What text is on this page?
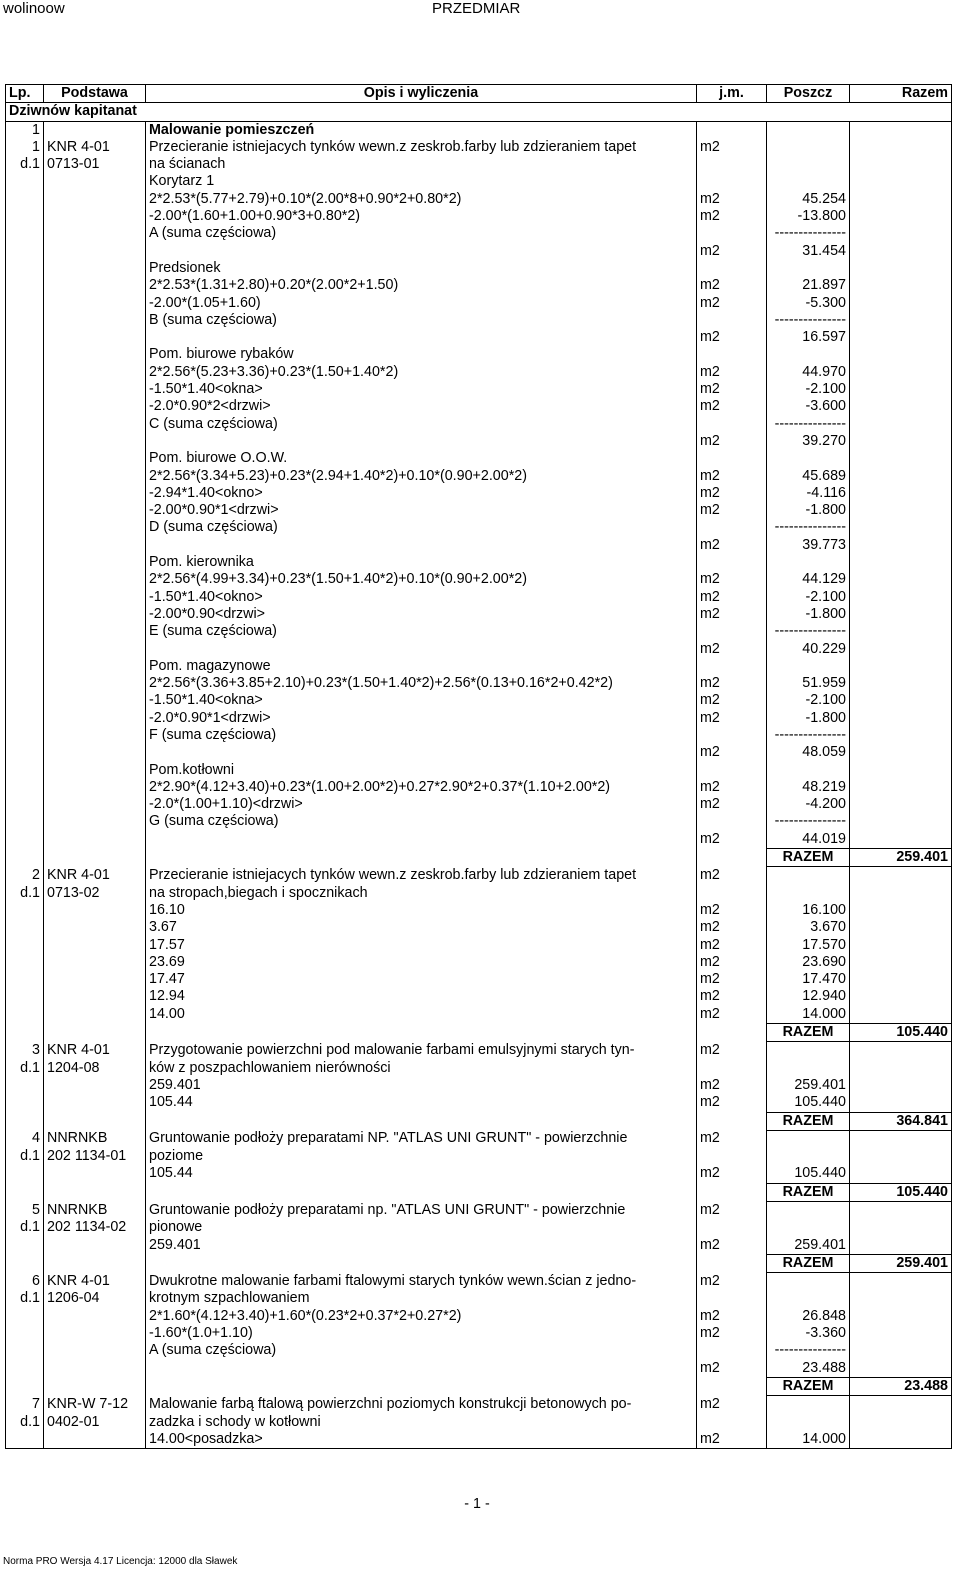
wolinoow	PRZEDMIAR
Lp.	Podstawa	Opis i wyliczenia	j.m.	Poszcz	Razem
Dziwnów kapitanat					
1		Malowanie pomieszczeń			
1	KNR 4-01	Przecieranie istniejacych tynków wewn.z zeskrob.farby lub zdzieraniem tapet	m2		
d.1	0713-01	na ścianach			
		Korytarz 1			
		2*2.53*(5.77+2.79)+0.10*(2.00*8+0.90*2+0.80*2)	m2	45.254	
		-2.00*(1.60+1.00+0.90*3+0.80*2)	m2	-13.800	
		A (suma częściowa)		---------------	
			m2	31.454	
		Predsionek			
		2*2.53*(1.31+2.80)+0.20*(2.00*2+1.50)	m2	21.897	
		-2.00*(1.05+1.60)	m2	-5.300	
		B (suma częściowa)		---------------	
			m2	16.597	
		Pom. biurowe rybaków			
		2*2.56*(5.23+3.36)+0.23*(1.50+1.40*2)	m2	44.970	
		-1.50*1.40<okna>	m2	-2.100	
		-2.0*0.90*2<drzwi>	m2	-3.600	
		C (suma częściowa)		---------------	
			m2	39.270	
		Pom. biurowe O.O.W.			
		2*2.56*(3.34+5.23)+0.23*(2.94+1.40*2)+0.10*(0.90+2.00*2)	m2	45.689	
		-2.94*1.40<okno>	m2	-4.116	
		-2.00*0.90*1<drzwi>	m2	-1.800	
		D (suma częściowa)		---------------	
			m2	39.773	
		Pom. kierownika			
		2*2.56*(4.99+3.34)+0.23*(1.50+1.40*2)+0.10*(0.90+2.00*2)	m2	44.129	
		-1.50*1.40<okno>	m2	-2.100	
		-2.00*0.90<drzwi>	m2	-1.800	
		E (suma częściowa)		---------------	
			m2	40.229	
		Pom. magazynowe			
		2*2.56*(3.36+3.85+2.10)+0.23*(1.50+1.40*2)+2.56*(0.13+0.16*2+0.42*2)	m2	51.959	
		-1.50*1.40<okna>	m2	-2.100	
		-2.0*0.90*1<drzwi>	m2	-1.800	
		F (suma częściowa)		---------------	
			m2	48.059	
		Pom.kotłowni			
		2*2.90*(4.12+3.40)+0.23*(1.00+2.00*2)+0.27*2.90*2+0.37*(1.10+2.00*2)	m2	48.219	
		-2.0*(1.00+1.10)<drzwi>	m2	-4.200	
		G (suma częściowa)		---------------	
			m2	44.019	
				RAZEM	259.401
2	KNR 4-01	Przecieranie istniejacych tynków wewn.z zeskrob.farby lub zdzieraniem tapet	m2		
d.1	0713-02	na stropach,biegach i spocznikach			
		16.10	m2	16.100	
		3.67	m2	3.670	
		17.57	m2	17.570	
		23.69	m2	23.690	
		17.47	m2	17.470	
		12.94	m2	12.940	
		14.00	m2	14.000	
				RAZEM	105.440
3	KNR 4-01	Przygotowanie powierzchni pod malowanie farbami emulsyjnymi starych tyn-	m2		
d.1	1204-08	ków z poszpachlowaniem nierówności			
		259.401	m2	259.401	
		105.44	m2	105.440	
				RAZEM	364.841
4	NNRNKB	Gruntowanie podłoży preparatami NP. "ATLAS UNI GRUNT" - powierzchnie	m2		
d.1	202 1134-01	poziome			
		105.44	m2	105.440	
				RAZEM	105.440
5	NNRNKB	Gruntowanie podłoży preparatami np. "ATLAS UNI GRUNT" - powierzchnie	m2		
d.1	202 1134-02	pionowe			
		259.401	m2	259.401	
				RAZEM	259.401
6	KNR 4-01	Dwukrotne malowanie farbami ftalowymi starych tynków wewn.ścian z jedno-	m2		
d.1	1206-04	krotnym szpachlowaniem			
		2*1.60*(4.12+3.40)+1.60*(0.23*2+0.37*2+0.27*2)	m2	26.848	
		-1.60*(1.0+1.10)	m2	-3.360	
		A (suma częściowa)		---------------	
			m2	23.488	
				RAZEM	23.488
7	KNR-W 7-12	Malowanie farbą ftalową powierzchni poziomych konstrukcji betonowych po-	m2		
d.1	0402-01	zadzka i schody w kotłowni			
		14.00<posadzka>	m2	14.000	
- 1 -
Norma PRO Wersja 4.17 Licencja: 12000 dla Sławek
